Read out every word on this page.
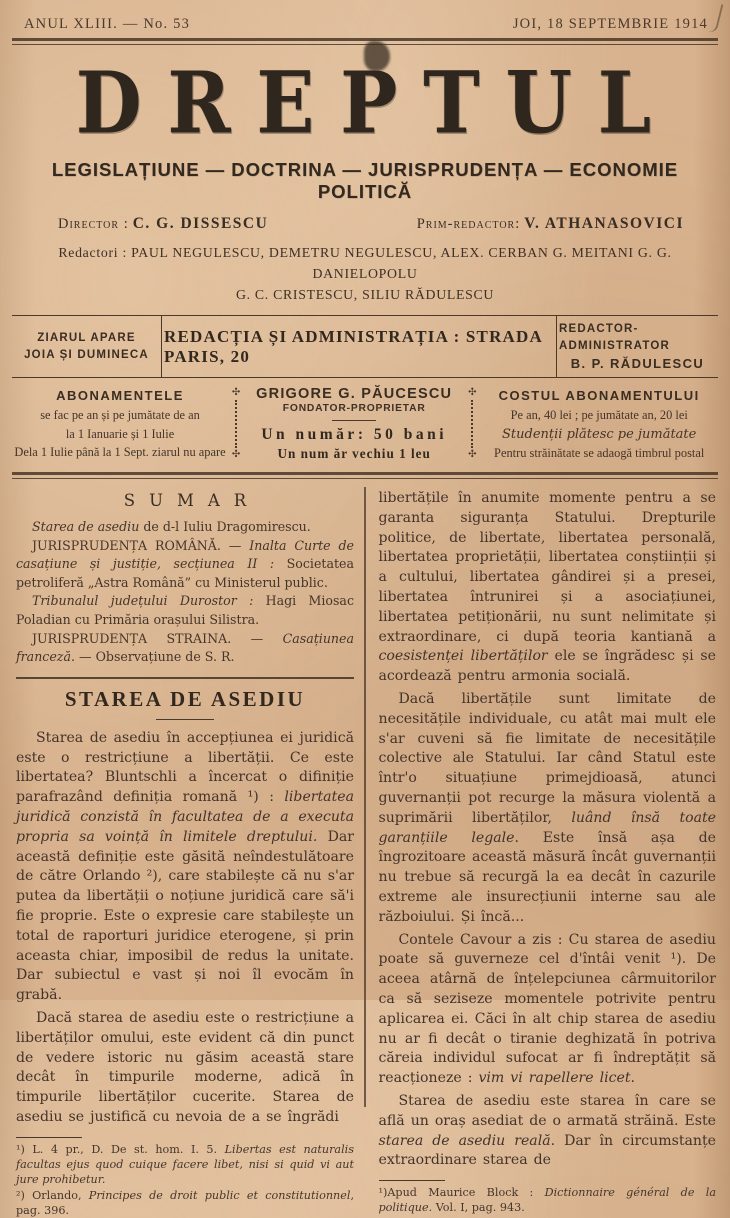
ANUL XLIII. — No. 53	JOI, 18 SEPTEMBRIE 1914
DREPTUL
LEGISLAȚIUNE — DOCTRINA — JURISPRUDENȚA — ECONOMIE POLITICĂ
Director : C. G. DISSESCU	Prim-redactor: V. ATHANASOVICI
Redactori : PAUL NEGULESCU, DEMETRU NEGULESCU, ALEX. CERBAN G. MEITANI G. G. DANIELOPOLU
G. C. CRISTESCU, SILIU RĂDULESCU
ZIARUL APARE
JOIA ȘI DUMINECA
REDACȚIA ȘI ADMINISTRAȚIA : STRADA PARIS, 20
REDACTOR-ADMINISTRATOR
B. P. RĂDULESCU
ABONAMENTELE
se fac pe an și pe jumătate de an
la 1 Ianuarie și 1 Iulie
Dela 1 Iulie până la 1 Sept. ziarul nu apare
✣
✣
GRIGORE G. PĂUCESCU
FONDATOR-PROPRIETAR
Un număr: 50 bani
Un num ăr vechiu 1 leu
✣
✣
COSTUL ABONAMENTULUI
Pe an, 40 lei ; pe jumătate an, 20 lei
Studenții plătesc pe jumătate
Pentru străinătate se adaogă timbrul postal
SUMAR

Starea de asediu de d-l Iuliu Dragomirescu.

JURISPRUDENȚA ROMÂNĂ. — Inalta Curte de casațiune și justiție, secțiunea II : Societatea petroliferă „Astra Română” cu Ministerul public.

Tribunalul județului Durostor : Hagi Miosac Poladian cu Primăria orașului Silistra.

JURISPRUDENȚA STRAINA. — Casațiunea franceză. — Observațiune de S. R.

STAREA DE ASEDIU

Starea de asediu în accepțiunea ei juridică este o restricțiune a libertății. Ce este libertatea? Bluntschli a încercat o difiniție parafrazând definiția romană ¹) : libertatea juridică conzistă în facultatea de a executa propria sa voință în limitele dreptului. Dar această definiție este găsită neîndestulătoare de către Orlando ²), care stabilește că nu s'ar putea da libertății o noțiune juridică care să'i fie proprie. Este o expresie care stabilește un total de raporturi juridice eterogene, și prin aceasta chiar, imposibil de redus la unitate. Dar subiectul e vast și noi îl evocăm în grabă.

Dacă starea de asediu este o restricțiune a libertăților omului, este evident că din punct de vedere istoric nu găsim această stare decât în timpurile moderne, adică în timpurile libertăților cucerite. Starea de asediu se justifică cu nevoia de a se îngrădi

¹) L. 4 pr., D. De st. hom. I. 5. Libertas est naturalis facultas ejus quod cuique facere libet, nisi si quid vi aut jure prohibetur.

²) Orlando, Principes de droit public et constitutionnel, pag. 396.

libertățile în anumite momente pentru a se garanta siguranța Statului. Drepturile politice, de libertate, libertatea personală, libertatea proprietății, libertatea conștiinții și a cultului, libertatea gândirei și a presei, libertatea întrunirei și a asociațiunei, libertatea petiționării, nu sunt nelimitate și extraordinare, ci după teoria kantiană a coesistenței libertăților ele se îngrădesc și se acordează pentru armonia socială.

Dacă libertățile sunt limitate de necesitățile individuale, cu atât mai mult ele s'ar cuveni să fie limitate de necesitățile colective ale Statului. Iar când Statul este într'o situațiune primejdioasă, atunci guvernanții pot recurge la măsura violentă a suprimării libertăților, luând însă toate garanțiile legale. Este însă așa de îngrozitoare această măsură încât guvernanții nu trebue să recurgă la ea decât în cazurile extreme ale insurecțiunii interne sau ale războiului. Și încă...

Contele Cavour a zis : Cu starea de asediu poate să guverneze cel d'întâi venit ¹). De aceea atârnă de înțelepciunea cârmuitorilor ca să seziseze momentele potrivite pentru aplicarea ei. Căci în alt chip starea de asediu nu ar fi decât o tiranie deghizată în potriva căreia individul sufocat ar fi îndreptățit să reacționeze : vim vi rapellere licet.

Starea de asediu este starea în care se află un oraș asediat de o armată străină. Este starea de asediu reală. Dar în circumstanțe extraordinare starea de

¹)Apud Maurice Block : Dictionnaire général de la politique. Vol. I, pag. 943.
